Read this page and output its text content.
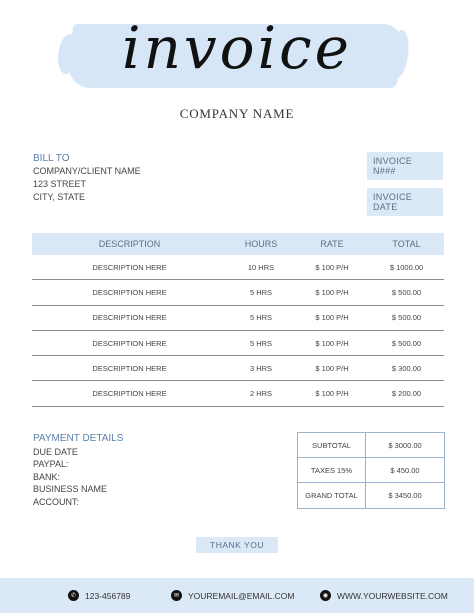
invoice
COMPANY NAME
BILL TO
COMPANY/CLIENT NAME
123 STREET
CITY, STATE
INVOICE N###
INVOICE DATE
DESCRIPTION	HOURS	RATE	TOTAL
DESCRIPTION HERE	10 HRS	$ 100 P/H	$ 1000.00
DESCRIPTION HERE	5 HRS	$ 100 P/H	$ 500.00
DESCRIPTION HERE	5 HRS	$ 100 P/H	$ 500.00
DESCRIPTION HERE	5 HRS	$ 100 P/H	$ 500.00
DESCRIPTION HERE	3 HRS	$ 100 P/H	$ 300.00
DESCRIPTION HERE	2 HRS	$ 100 P/H	$ 200.00
PAYMENT DETAILS
DUE DATE
PAYPAL:
BANK:
BUSINESS NAME
ACCOUNT:
SUBTOTAL	$ 3000.00
TAXES 15%	$ 450.00
GRAND TOTAL	$ 3450.00
THANK YOU
✆	123-456789	✉	YOUREMAIL@EMAIL.COM	◉	WWW.YOURWEBSITE.COM
